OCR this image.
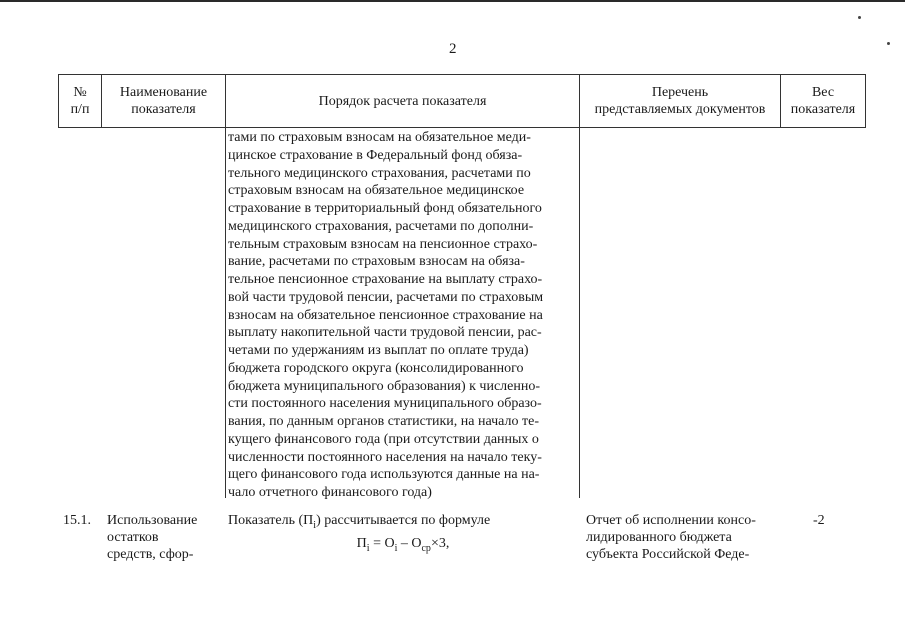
2
№
п/п
Наименование
показателя
Порядок расчета показателя
Перечень
представляемых документов
Вес
показателя
тами по страховым взносам на обязательное меди-
цинское страхование в Федеральный фонд обяза-
тельного медицинского страхования, расчетами по
страховым взносам на обязательное медицинское
страхование в территориальный фонд обязательного
медицинского страхования, расчетами по дополни-
тельным страховым взносам на пенсионное страхо-
вание, расчетами по страховым взносам на обяза-
тельное пенсионное страхование на выплату страхо-
вой части трудовой пенсии, расчетами по страховым
взносам на обязательное пенсионное страхование на
выплату накопительной части трудовой пенсии, рас-
четами по удержаниям из выплат по оплате труда)
бюджета городского округа (консолидированного
бюджета муниципального образования) к численно-
сти постоянного населения муниципального образо-
вания, по данным органов статистики, на начало те-
кущего финансового года (при отсутствии данных о
численности постоянного населения на начало теку-
щего финансового года используются данные на на-
чало отчетного финансового года)
15.1. Использование
остатков
средств, сфор-
Показатель $(П_i)$ рассчитывается по формуле
$П_i = О_i - О_{ср}\times 3$,
Отчет об исполнении консо-
лидированного бюджета
субъекта Российской Феде-
-2
